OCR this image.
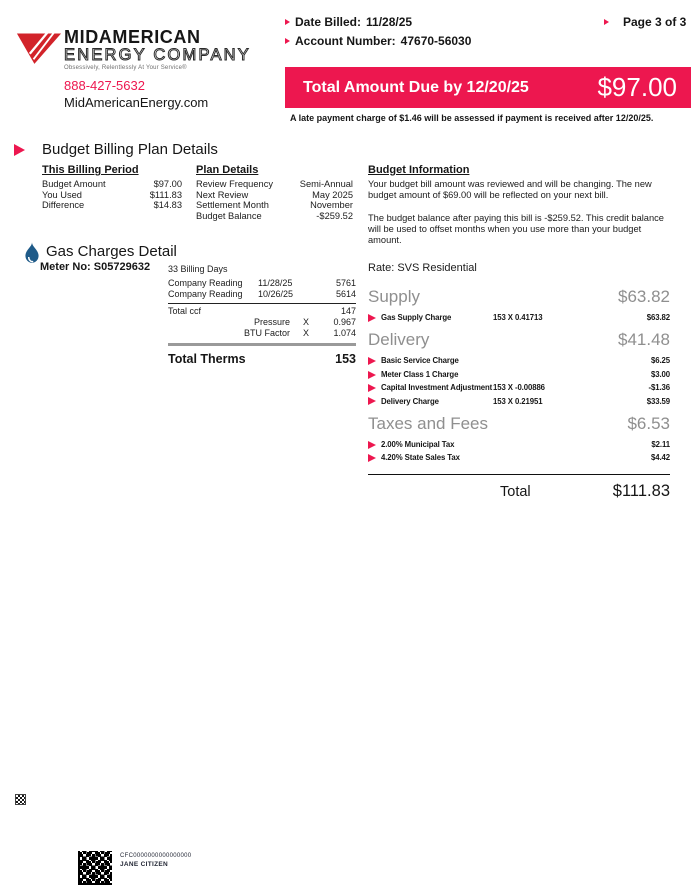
MIDAMERICAN
ENERGY COMPANY
Obsessively, Relentlessly At Your Service®
888-427-5632
MidAmericanEnergy.com
Date Billed: 11/28/25
Account Number: 47670-56030
Page 3 of 3
Total Amount Due by 12/20/25	$97.00
A late payment charge of $1.46 will be assessed if payment is received after 12/20/25.
Budget Billing Plan Details
This Billing Period
Budget Amount	$97.00
You Used	$111.83
Difference	$14.83
Plan Details
Review Frequency	Semi-Annual
Next Review	May 2025
Settlement Month	November
Budget Balance	-$259.52
Budget Information
Your budget bill amount was reviewed and will be changing. The new budget amount of $69.00 will be reflected on your next bill.
The budget balance after paying this bill is -$259.52. This credit balance will be used to offset months when you use more than your budget amount.
Gas Charges Detail
Meter No: S05729632 33 Billing Days
Company Reading	11/28/25	5761
Company Reading	10/26/25	5614
Total ccf	147
Pressure	X	0.967
BTU Factor	X	1.074
Total Therms	153
Rate: SVS Residential
Supply	$63.82
Gas Supply Charge	153 X 0.41713	$63.82
Delivery	$41.48
Basic Service Charge	$6.25
Meter Class 1 Charge	$3.00
Capital Investment Adjustment 153 X -0.00886	-$1.36
Delivery Charge	153 X 0.21951	$33.59
Taxes and Fees	$6.53
2.00% Municipal Tax	$2.11
4.20% State Sales Tax	$4.42
Total	$111.83
CFC0000000000000000
JANE CITIZEN
